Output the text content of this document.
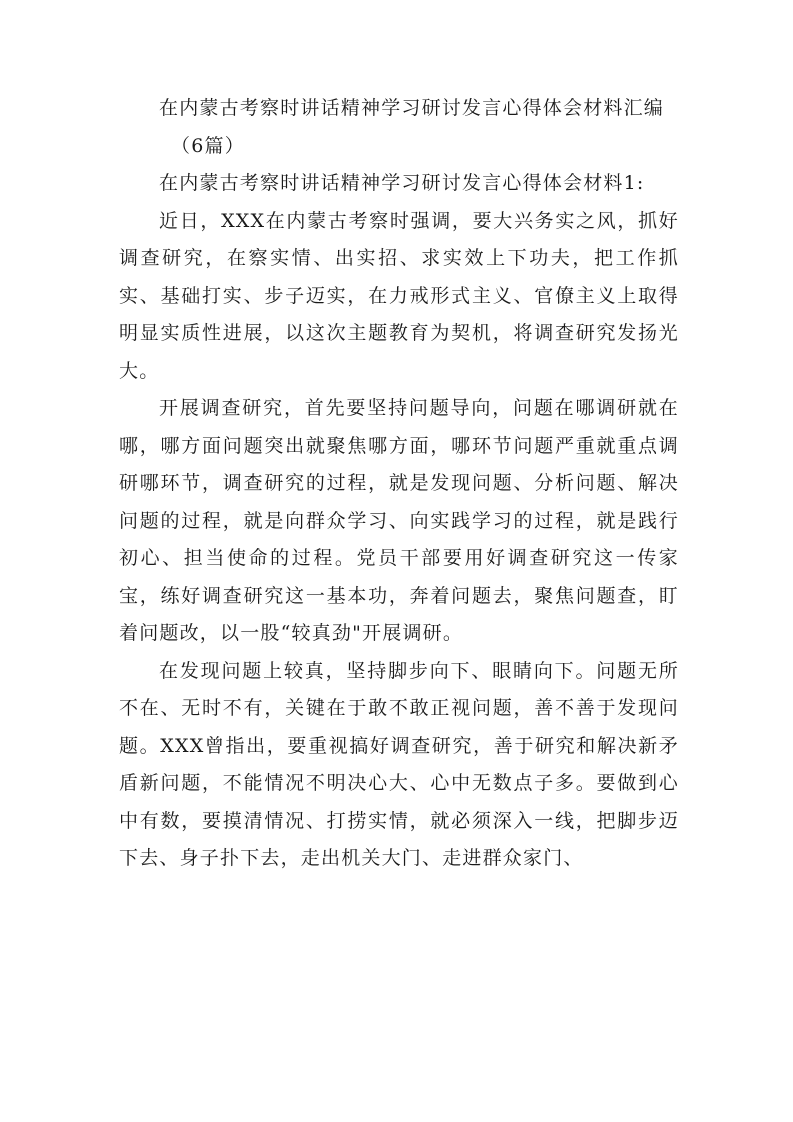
在内蒙古考察时讲话精神学习研讨发言心得体会材料汇编

（6篇）

在内蒙古考察时讲话精神学习研讨发言心得体会材料1:

近日，XXX在内蒙古考察时强调，要大兴务实之风，抓好调查研究，在察实情、出实招、求实效上下功夫，把工作抓实、基础打实、步子迈实，在力戒形式主义、官僚主义上取得明显实质性进展，以这次主题教育为契机，将调查研究发扬光大。

开展调查研究，首先要坚持问题导向，问题在哪调研就在哪，哪方面问题突出就聚焦哪方面，哪环节问题严重就重点调研哪环节，调查研究的过程，就是发现问题、分析问题、解决问题的过程，就是向群众学习、向实践学习的过程，就是践行初心、担当使命的过程。党员干部要用好调查研究这一传家宝，练好调查研究这一基本功，奔着问题去，聚焦问题查，盯着问题改，以一股“较真劲"开展调研。

在发现问题上较真，坚持脚步向下、眼睛向下。问题无所不在、无时不有，关键在于敢不敢正视问题，善不善于发现问题。XXX曾指出，要重视搞好调查研究，善于研究和解决新矛盾新问题，不能情况不明决心大、心中无数点子多。要做到心中有数，要摸清情况、打捞实情，就必须深入一线，把脚步迈下去、身子扑下去，走出机关大门、走进群众家门、
